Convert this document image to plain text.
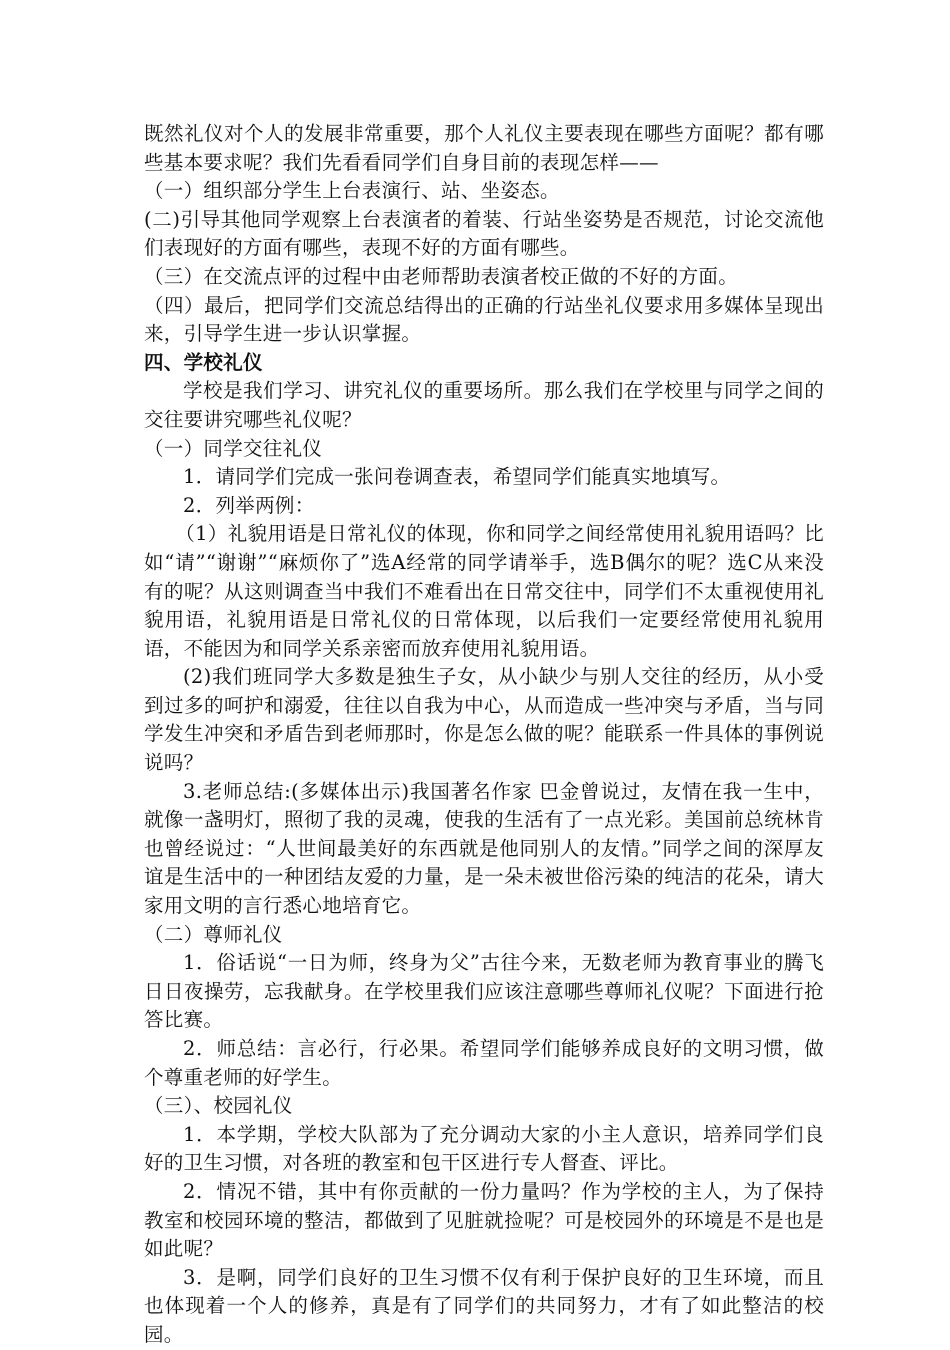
既然礼仪对个人的发展非常重要，那个人礼仪主要表现在哪些方面呢？都有哪些基本要求呢？我们先看看同学们自身目前的表现怎样——

（一）组织部分学生上台表演行、站、坐姿态。

(二)引导其他同学观察上台表演者的着装、行站坐姿势是否规范，讨论交流他们表现好的方面有哪些，表现不好的方面有哪些。

（三）在交流点评的过程中由老师帮助表演者校正做的不好的方面。

（四）最后，把同学们交流总结得出的正确的行站坐礼仪要求用多媒体呈现出来，引导学生进一步认识掌握。

四、学校礼仪

学校是我们学习、讲究礼仪的重要场所。那么我们在学校里与同学之间的交往要讲究哪些礼仪呢？

（一）同学交往礼仪

1．请同学们完成一张问卷调查表，希望同学们能真实地填写。

2．列举两例：

（1）礼貌用语是日常礼仪的体现，你和同学之间经常使用礼貌用语吗？比如“请”“谢谢”“麻烦你了”选A经常的同学请举手，选B偶尔的呢？选C从来没有的呢？从这则调查当中我们不难看出在日常交往中，同学们不太重视使用礼貌用语，礼貌用语是日常礼仪的日常体现，以后我们一定要经常使用礼貌用语，不能因为和同学关系亲密而放弃使用礼貌用语。

(2)我们班同学大多数是独生子女，从小缺少与别人交往的经历，从小受到过多的呵护和溺爱，往往以自我为中心，从而造成一些冲突与矛盾，当与同学发生冲突和矛盾告到老师那时，你是怎么做的呢？能联系一件具体的事例说说吗？

3.老师总结:(多媒体出示)我国著名作家 巴金曾说过，友情在我一生中，就像一盏明灯，照彻了我的灵魂，使我的生活有了一点光彩。美国前总统林肯也曾经说过：“人世间最美好的东西就是他同别人的友情。”同学之间的深厚友谊是生活中的一种团结友爱的力量，是一朵未被世俗污染的纯洁的花朵，请大家用文明的言行悉心地培育它。

（二）尊师礼仪

1．俗话说“一日为师，终身为父”古往今来，无数老师为教育事业的腾飞日日夜操劳，忘我献身。在学校里我们应该注意哪些尊师礼仪呢？下面进行抢答比赛。

2．师总结：言必行，行必果。希望同学们能够养成良好的文明习惯，做个尊重老师的好学生。

（三）、校园礼仪

1．本学期，学校大队部为了充分调动大家的小主人意识，培养同学们良好的卫生习惯，对各班的教室和包干区进行专人督查、评比。

2．情况不错，其中有你贡献的一份力量吗？作为学校的主人，为了保持教室和校园环境的整洁，都做到了见脏就捡呢？可是校园外的环境是不是也是如此呢？

3．是啊，同学们良好的卫生习惯不仅有利于保护良好的卫生环境，而且也体现着一个人的修养，真是有了同学们的共同努力，才有了如此整洁的校园。
